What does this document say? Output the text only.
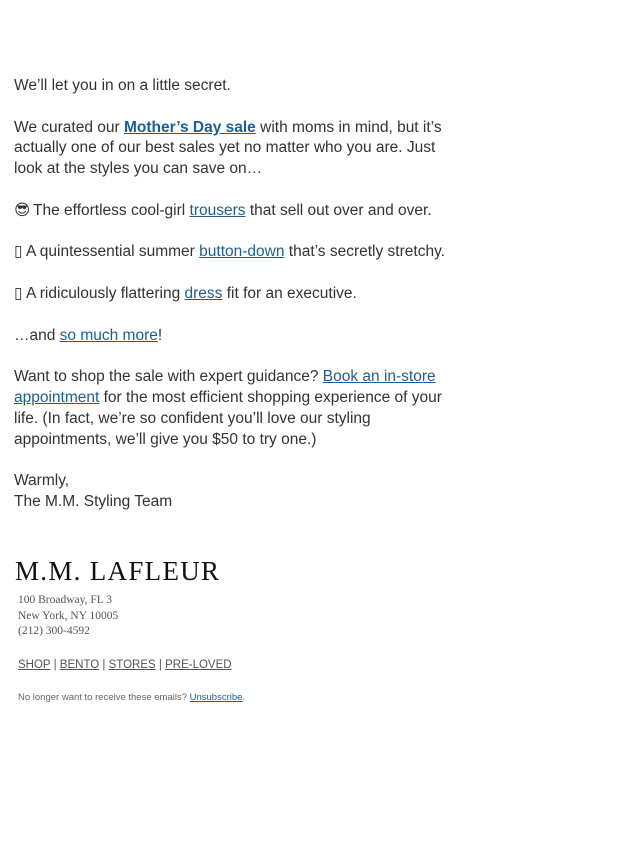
We’ll let you in on a little secret.

We curated our Mother’s Day sale with moms in mind, but it’s actually one of our best sales yet no matter who you are. Just look at the styles you can save on…

😎 The effortless cool-girl trousers that sell out over and over.

▯ A quintessential summer button-down that’s secretly stretchy.

▯ A ridiculously flattering dress fit for an executive.

…and so much more!

Want to shop the sale with expert guidance? Book an in-store appointment for the most efficient shopping experience of your life. (In fact, we’re so confident you’ll love our styling appointments, we’ll give you $50 to try one.)

Warmly,
The M.M. Styling Team

M.M. LAFLEUR
100 Broadway, FL 3
New York, NY 10005
(212) 300-4592
SHOP | BENTO | STORES | PRE-LOVED
No longer want to receive these emails? Unsubscribe.
